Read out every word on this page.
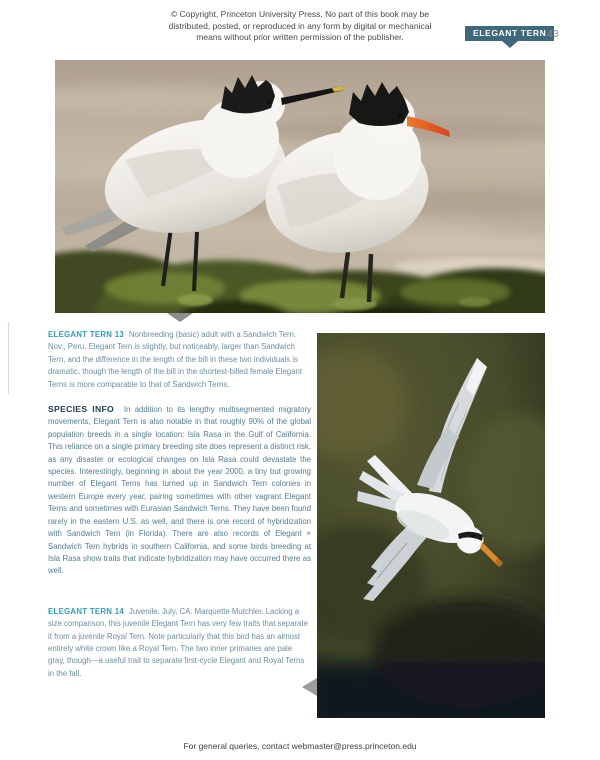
© Copyright, Princeton University Press. No part of this book may be
distributed, posted, or reproduced in any form by digital or mechanical
means without prior written permission of the publisher.	ELEGANT TERN 43

ELEGANT TERN 13 Nonbreeding (basic) adult with a Sandwich Tern. Nov., Peru. Elegant Tern is slightly, but noticeably, larger than Sandwich Tern, and the difference in the length of the bill in these two individuals is dramatic, though the length of the bill in the shortest-billed female Elegant Terns is more comparable to that of Sandwich Terns.

SPECIES INFO In addition to its lengthy multisegmented migratory movements, Elegant Tern is also notable in that roughly 90% of the global population breeds in a single location: Isla Rasa in the Gulf of California. This reliance on a single primary breeding site does represent a distinct risk, as any disaster or ecological changes on Isla Rasa could devastate the species. Interestingly, beginning in about the year 2000, a tiny but growing number of Elegant Terns has turned up in Sandwich Tern colonies in western Europe every year, pairing sometimes with other vagrant Elegant Terns and sometimes with Eurasian Sandwich Terns. They have been found rarely in the eastern U.S. as well, and there is one record of hybridization with Sandwich Tern (in Florida). There are also records of Elegant × Sandwich Tern hybrids in southern California, and some birds breeding at Isla Rasa show traits that indicate hybridization may have occurred there as well.

ELEGANT TERN 14 Juvenile. July, CA. Marquette Mutchler. Lacking a size comparison, this juvenile Elegant Tern has very few traits that separate it from a juvenile Royal Tern. Note particularly that this bird has an almost entirely white crown like a Royal Tern. The two inner primaries are pale gray, though—a useful trait to separate first-cycle Elegant and Royal Terns in the fall.

For general queries, contact webmaster@press.princeton.edu
